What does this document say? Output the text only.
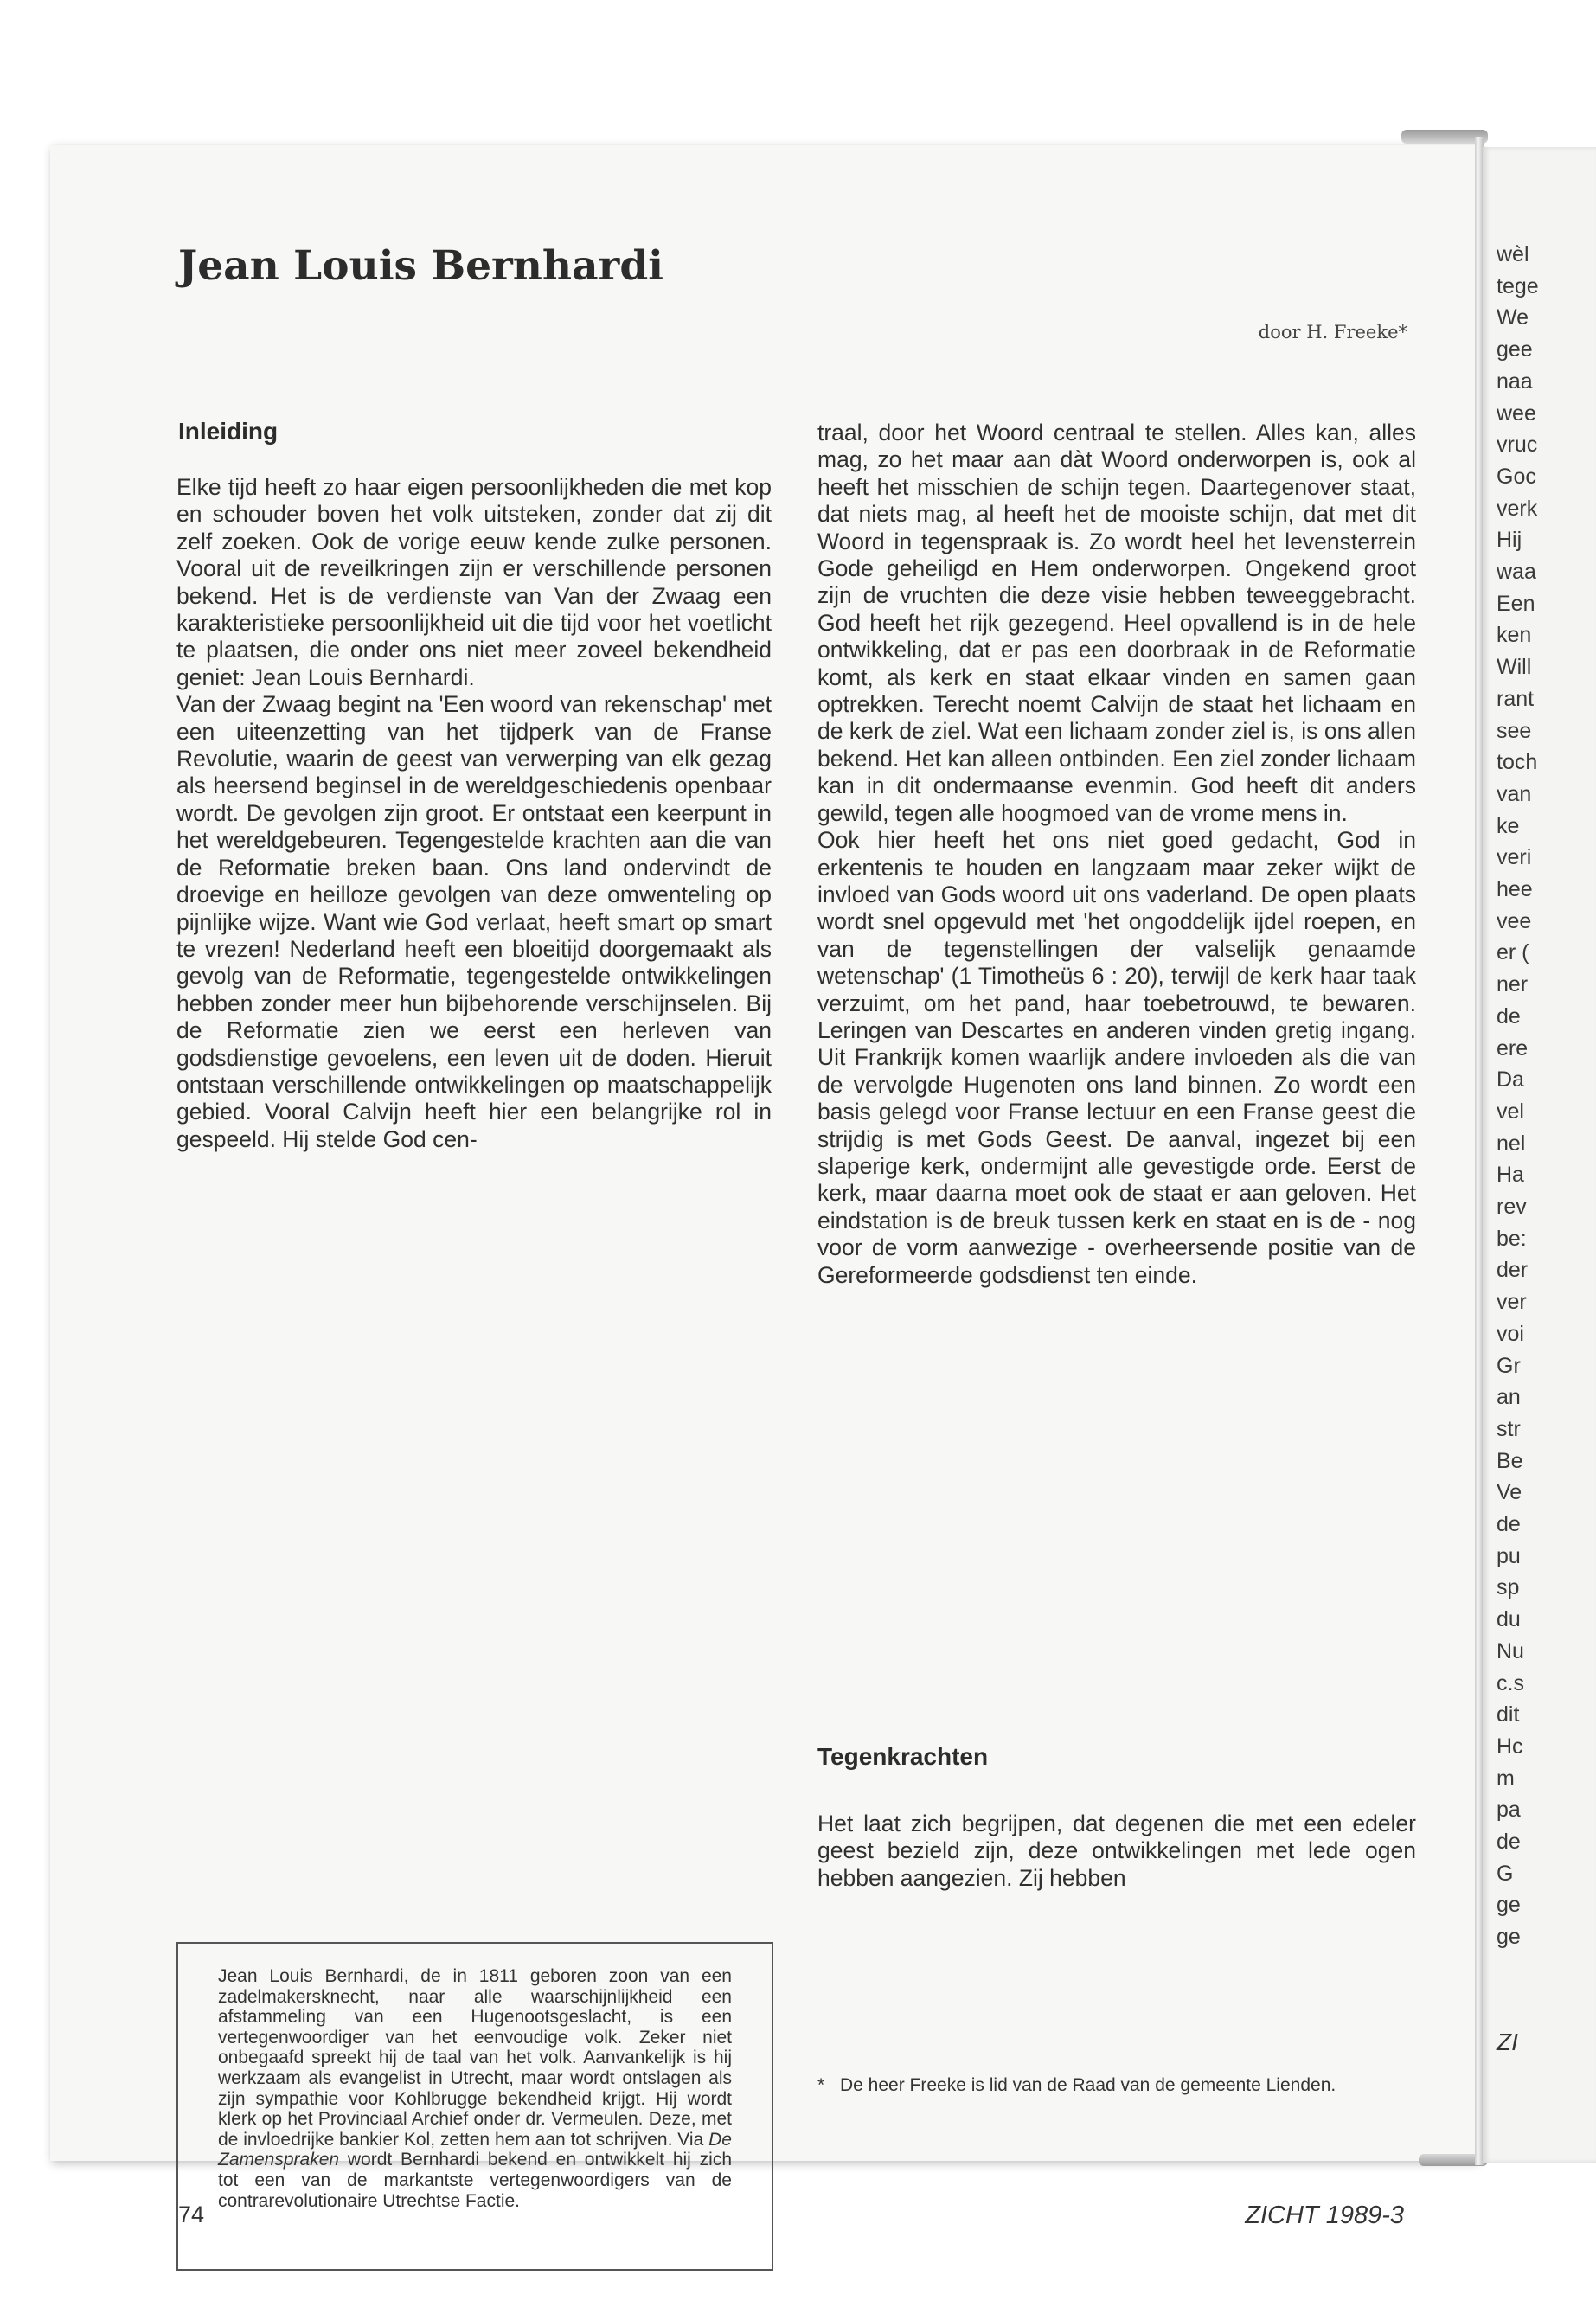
wèl
tege
We
gee
naa
wee
vruc
Goc
verk
Hij
waa
Een
ken
Will
rant
see
toch
van
ke
veri
hee
vee
er (
ner
de
ere
Da
vel
nel
Ha
rev
be:
der
ver
voi
Gr
an
str
Be
Ve
de
pu
sp
du
Nu
c.s
dit
Hc
m
pa
de
G
ge
ge
ZI
Jean Louis Bernhardi
door H. Freeke*
Inleiding

Elke tijd heeft zo haar eigen persoonlijkheden die met kop en schouder boven het volk uitsteken, zonder dat zij dit zelf zoeken. Ook de vorige eeuw kende zulke personen. Vooral uit de reveilkringen zijn er verschillende personen bekend. Het is de verdienste van Van der Zwaag een karakteristieke persoonlijkheid uit die tijd voor het voetlicht te plaatsen, die onder ons niet meer zoveel bekendheid geniet: Jean Louis Bernhardi.

Van der Zwaag begint na 'Een woord van rekenschap' met een uiteenzetting van het tijdperk van de Franse Revolutie, waarin de geest van verwerping van elk gezag als heersend beginsel in de wereldgeschiedenis openbaar wordt. De gevolgen zijn groot. Er ontstaat een keerpunt in het wereldgebeuren. Tegengestelde krachten aan die van de Reformatie breken baan. Ons land ondervindt de droevige en heilloze gevolgen van deze omwenteling op pijnlijke wijze. Want wie God verlaat, heeft smart op smart te vrezen! Nederland heeft een bloeitijd doorgemaakt als gevolg van de Reformatie, tegengestelde ontwikkelingen hebben zonder meer hun bijbehorende verschijnselen. Bij de Reformatie zien we eerst een herleven van godsdienstige gevoelens, een leven uit de doden. Hieruit ontstaan verschillende ontwikkelingen op maatschappelijk gebied. Vooral Calvijn heeft hier een belangrijke rol in gespeeld. Hij stelde God cen-

Jean Louis Bernhardi, de in 1811 geboren zoon van een zadelmakersknecht, naar alle waarschijnlijkheid een afstammeling van een Hugenootsgeslacht, is een vertegenwoordiger van het eenvoudige volk. Zeker niet onbegaafd spreekt hij de taal van het volk. Aanvankelijk is hij werkzaam als evangelist in Utrecht, maar wordt ontslagen als zijn sympathie voor Kohlbrugge bekendheid krijgt. Hij wordt klerk op het Provinciaal Archief onder dr. Vermeulen. Deze, met de invloedrijke bankier Kol, zetten hem aan tot schrijven. Via De Zamenspraken wordt Bernhardi bekend en ontwikkelt hij zich tot een van de markantste vertegenwoordigers van de contrarevolutionaire Utrechtse Factie.

traal, door het Woord centraal te stellen. Alles kan, alles mag, zo het maar aan dàt Woord onderworpen is, ook al heeft het misschien de schijn tegen. Daartegenover staat, dat niets mag, al heeft het de mooiste schijn, dat met dit Woord in tegenspraak is. Zo wordt heel het levensterrein Gode geheiligd en Hem onderworpen. Ongekend groot zijn de vruchten die deze visie hebben teweeggebracht. God heeft het rijk gezegend. Heel opvallend is in de hele ontwikkeling, dat er pas een doorbraak in de Reformatie komt, als kerk en staat elkaar vinden en samen gaan optrekken. Terecht noemt Calvijn de staat het lichaam en de kerk de ziel. Wat een lichaam zonder ziel is, is ons allen bekend. Het kan alleen ontbinden. Een ziel zonder lichaam kan in dit ondermaanse evenmin. God heeft dit anders gewild, tegen alle hoogmoed van de vrome mens in.

Ook hier heeft het ons niet goed gedacht, God in erkentenis te houden en langzaam maar zeker wijkt de invloed van Gods woord uit ons vaderland. De open plaats wordt snel opgevuld met 'het ongoddelijk ijdel roepen, en van de tegenstellingen der valselijk genaamde wetenschap' (1 Timotheüs 6 : 20), terwijl de kerk haar taak verzuimt, om het pand, haar toebetrouwd, te bewaren. Leringen van Descartes en anderen vinden gretig ingang. Uit Frankrijk komen waarlijk andere invloeden als die van de vervolgde Hugenoten ons land binnen. Zo wordt een basis gelegd voor Franse lectuur en een Franse geest die strijdig is met Gods Geest. De aanval, ingezet bij een slaperige kerk, ondermijnt alle gevestigde orde. Eerst de kerk, maar daarna moet ook de staat er aan geloven. Het eindstation is de breuk tussen kerk en staat en is de - nog voor de vorm aanwezige - overheersende positie van de Gereformeerde godsdienst ten einde.

Tegenkrachten

Het laat zich begrijpen, dat degenen die met een edeler geest bezield zijn, deze ontwikkelingen met lede ogen hebben aangezien. Zij hebben

* De heer Freeke is lid van de Raad van de gemeente Lienden.
74	ZICHT 1989-3
